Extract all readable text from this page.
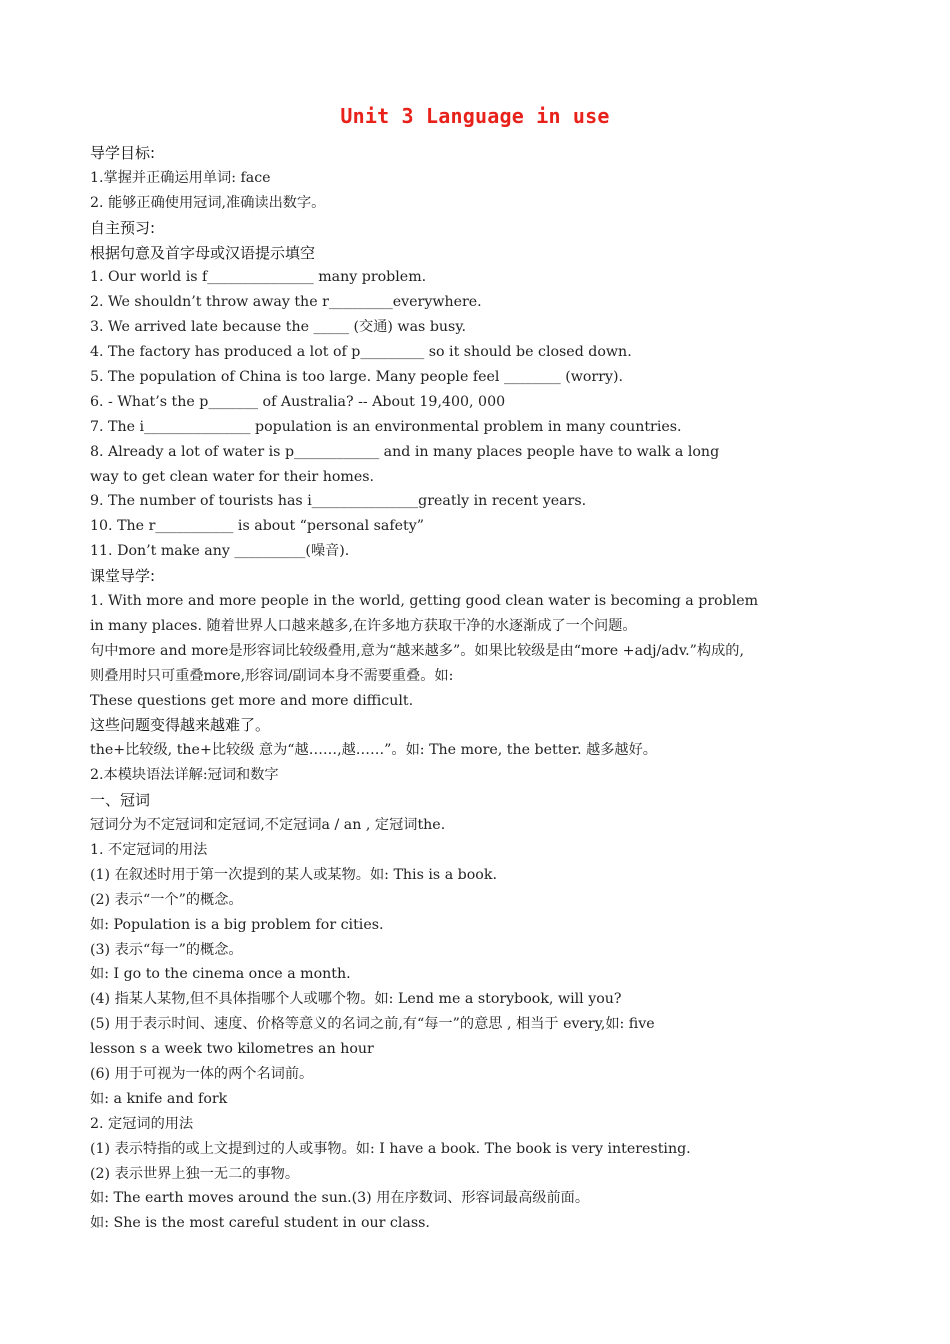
Unit 3 Language in use
导学目标:
1.掌握并正确运用单词: face
2. 能够正确使用冠词,准确读出数字。
自主预习:
根据句意及首字母或汉语提示填空
1. Our world is f_______________ many problem.
2. We shouldn’t throw away the r_________everywhere.
3. We arrived late because the _____ (交通) was busy.
4. The factory has produced a lot of p_________ so it should be closed down.
5. The population of China is too large. Many people feel ________ (worry).
6. - What’s the p_______ of Australia? -- About 19,400, 000
7. The i_______________ population is an environmental problem in many countries.
8. Already a lot of water is p____________ and in many places people have to walk a long
way to get clean water for their homes.
9. The number of tourists has i_______________greatly in recent years.
10. The r___________ is about “personal safety”
11. Don’t make any __________(噪音).
课堂导学:
1. With more and more people in the world, getting good clean water is becoming a problem
in many places. 随着世界人口越来越多,在许多地方获取干净的水逐渐成了一个问题。
句中more and more是形容词比较级叠用,意为“越来越多”。如果比较级是由“more +adj/adv.”构成的,
则叠用时只可重叠more,形容词/副词本身不需要重叠。如:
These questions get more and more difficult.
这些问题变得越来越难了。
the+比较级, the+比较级 意为“越……,越……”。如: The more, the better. 越多越好。
2.本模块语法详解:冠词和数字
一、冠词
冠词分为不定冠词和定冠词,不定冠词a / an , 定冠词the.
1. 不定冠词的用法
(1) 在叙述时用于第一次提到的某人或某物。如: This is a book.
(2) 表示“一个”的概念。
如: Population is a big problem for cities.
(3) 表示“每一”的概念。
如: I go to the cinema once a month.
(4) 指某人某物,但不具体指哪个人或哪个物。如: Lend me a storybook, will you?
(5) 用于表示时间、速度、价格等意义的名词之前,有“每一”的意思 , 相当于 every,如: five
lesson s a week two kilometres an hour
(6) 用于可视为一体的两个名词前。
如: a knife and fork
2. 定冠词的用法
(1) 表示特指的或上文提到过的人或事物。如: I have a book. The book is very interesting.
(2) 表示世界上独一无二的事物。
如: The earth moves around the sun.(3) 用在序数词、形容词最高级前面。
如: She is the most careful student in our class.
